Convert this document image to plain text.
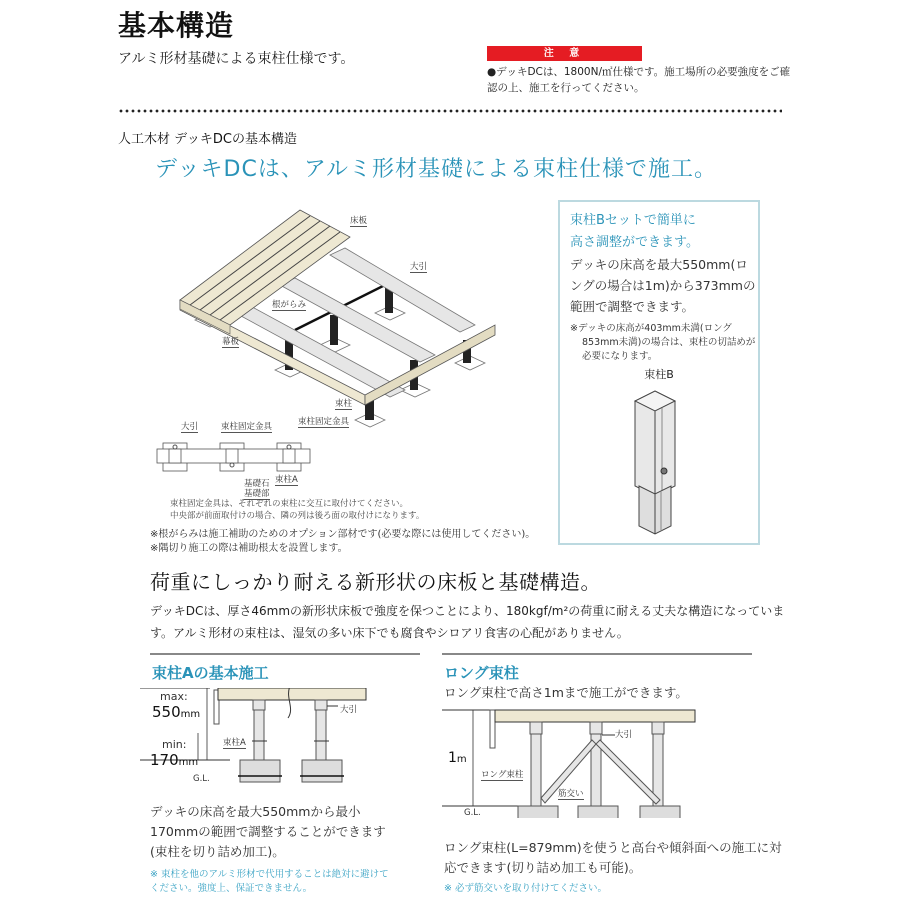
基本構造
アルミ形材基礎による束柱仕様です。	注 意
●デッキDCは、1800N/㎡仕様です。施工場所の必要強度をご確認の上、施工を行ってください。
人工木材 デッキDCの基本構造
デッキDCは、アルミ形材基礎による束柱仕様で施工。
床板
大引
根がらみ
幕板
束柱
束柱固定金具
大引	束柱固定金具
束柱A
基礎石
基礎部
束柱固定金具は、それぞれの束柱に交互に取付けてください。
中央部が前面取付けの場合、隣の列は後ろ面の取付けになります。
※根がらみは施工補助のためのオプション部材です(必要な際には使用してください)。
※隅切り施工の際は補助根太を設置します。
束柱Bセットで簡単に
高さ調整ができます。
デッキの床高を最大550mm(ロングの場合は1m)から373mmの範囲で調整できます。
※デッキの床高が403mm未満(ロング853mm未満)の場合は、束柱の切詰めが必要になります。
束柱B
荷重にしっかり耐える新形状の床板と基礎構造。
デッキDCは、厚さ46mmの新形状床板で強度を保つことにより、180kgf/m²の荷重に耐える丈夫な構造になっています。アルミ形材の束柱は、湿気の多い床下でも腐食やシロアリ食害の心配がありません。
束柱Aの基本施工
max:
550mm
min:
170mm
G.L.
大引
束柱A
デッキの床高を最大550mmから最小170mmの範囲で調整することができます(束柱を切り詰め加工)。
※ 束柱を他のアルミ形材で代用することは絶対に避けてください。強度上、保証できません。
ロング束柱
ロング束柱で高さ1mまで施工ができます。
1m
G.L.
大引
ロング束柱
筋交い
ロング束柱(L=879mm)を使うと高台や傾斜面への施工に対応できます(切り詰め加工も可能)。
※ 必ず筋交いを取り付けてください。
